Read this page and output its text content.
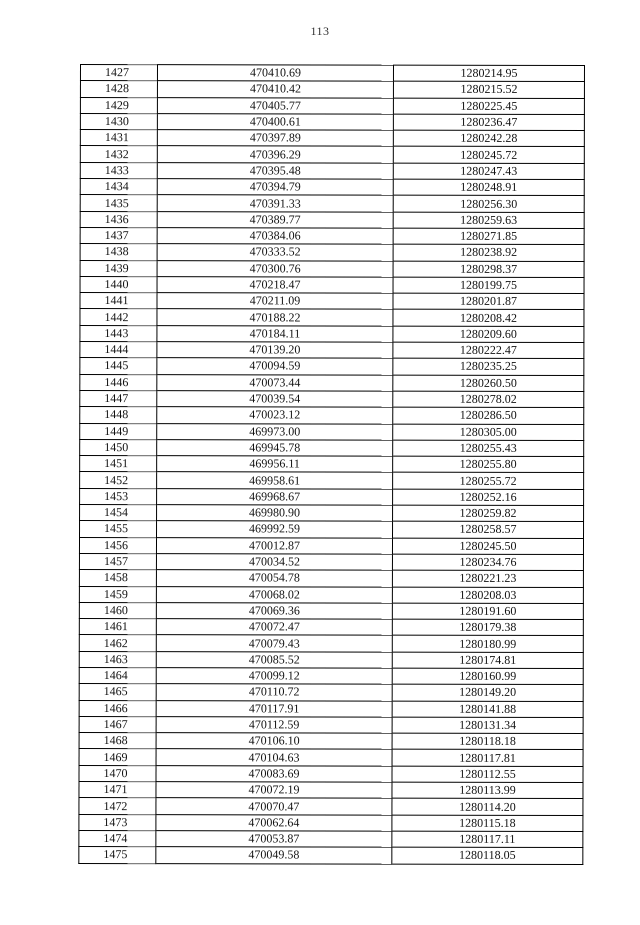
113
1427	470410.69	1280214.95
1428	470410.42	1280215.52
1429	470405.77	1280225.45
1430	470400.61	1280236.47
1431	470397.89	1280242.28
1432	470396.29	1280245.72
1433	470395.48	1280247.43
1434	470394.79	1280248.91
1435	470391.33	1280256.30
1436	470389.77	1280259.63
1437	470384.06	1280271.85
1438	470333.52	1280238.92
1439	470300.76	1280298.37
1440	470218.47	1280199.75
1441	470211.09	1280201.87
1442	470188.22	1280208.42
1443	470184.11	1280209.60
1444	470139.20	1280222.47
1445	470094.59	1280235.25
1446	470073.44	1280260.50
1447	470039.54	1280278.02
1448	470023.12	1280286.50
1449	469973.00	1280305.00
1450	469945.78	1280255.43
1451	469956.11	1280255.80
1452	469958.61	1280255.72
1453	469968.67	1280252.16
1454	469980.90	1280259.82
1455	469992.59	1280258.57
1456	470012.87	1280245.50
1457	470034.52	1280234.76
1458	470054.78	1280221.23
1459	470068.02	1280208.03
1460	470069.36	1280191.60
1461	470072.47	1280179.38
1462	470079.43	1280180.99
1463	470085.52	1280174.81
1464	470099.12	1280160.99
1465	470110.72	1280149.20
1466	470117.91	1280141.88
1467	470112.59	1280131.34
1468	470106.10	1280118.18
1469	470104.63	1280117.81
1470	470083.69	1280112.55
1471	470072.19	1280113.99
1472	470070.47	1280114.20
1473	470062.64	1280115.18
1474	470053.87	1280117.11
1475	470049.58	1280118.05
